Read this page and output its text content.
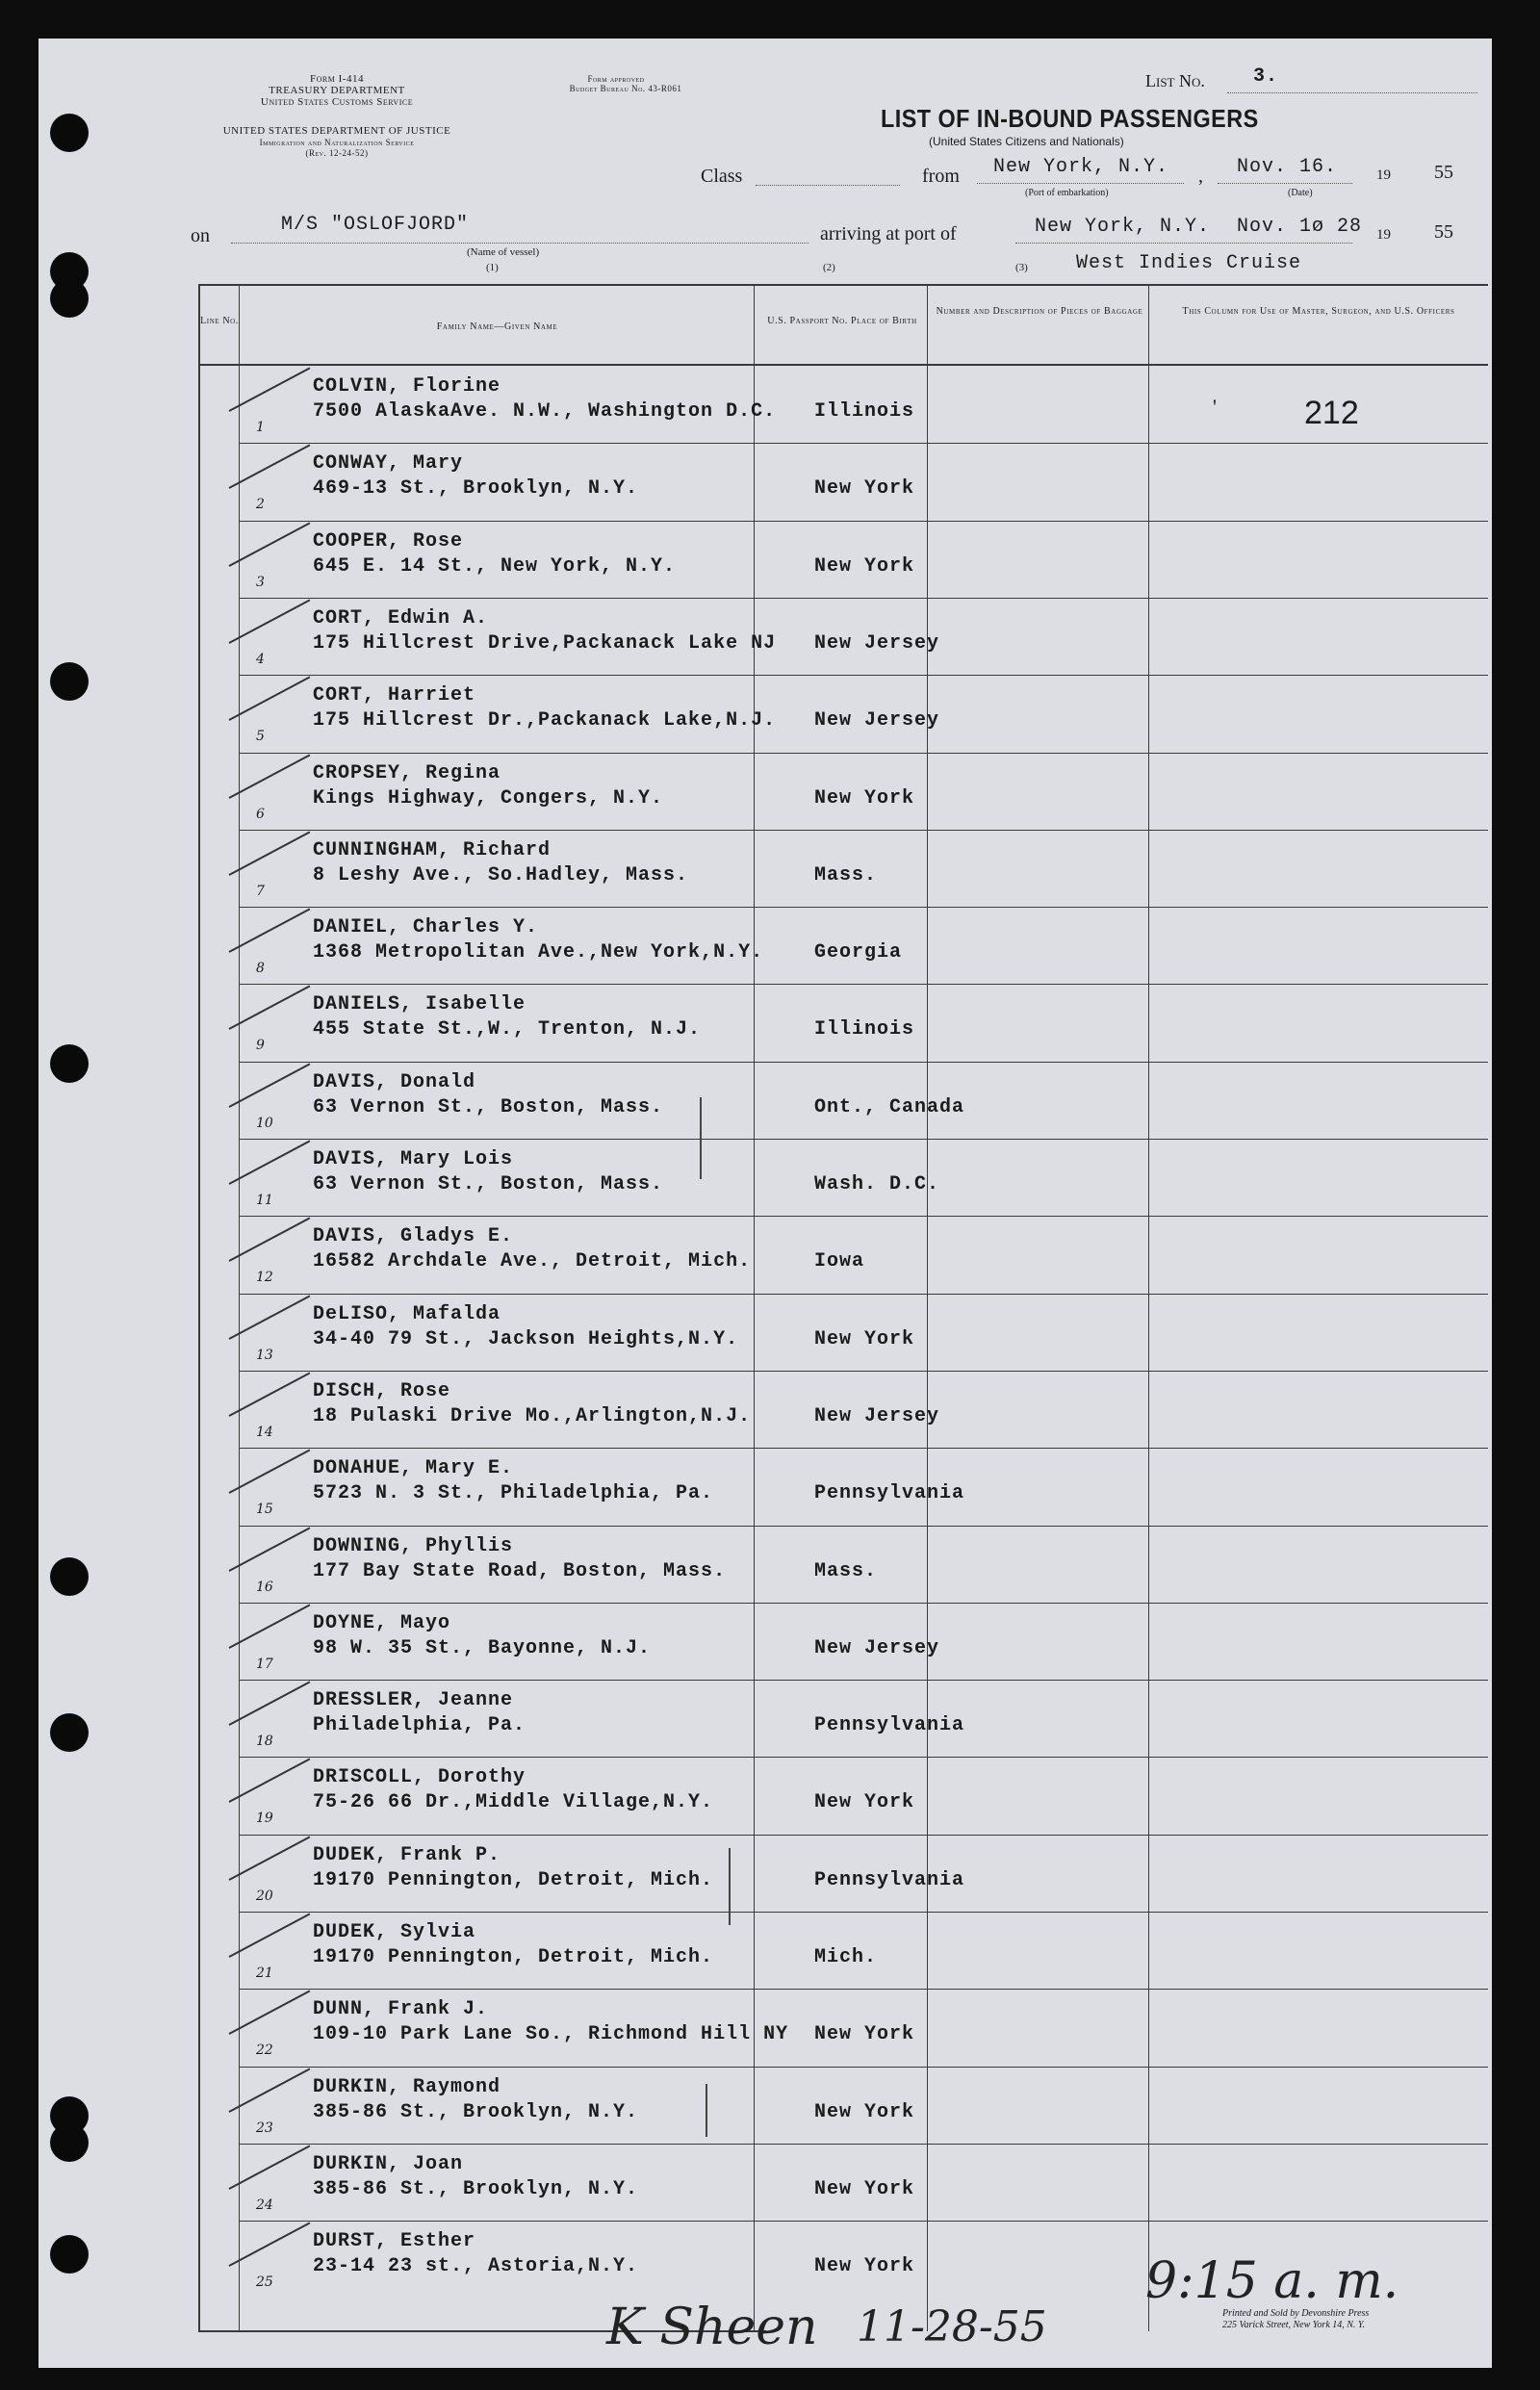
Form I-414
TREASURY DEPARTMENT
United States Customs Service
Form approved
Budget Bureau No. 43-R061
UNITED STATES DEPARTMENT OF JUSTICE
Immigration and Naturalization Service
(Rev. 12-24-52)
List No.	3.
LIST OF IN-BOUND PASSENGERS
(United States Citizens and Nationals)
Class	from New York, N.Y. , Nov. 16.	19 55
(Port of embarkation)	(Date)
on	M/S "OSLOFJORD"
(Name of vessel)
(1)
arriving at port of	New York, N.Y. Nov. 1ø 28 19 55
(2)	(3)	West Indies Cruise
Line No.
Family Name—Given Name
U.S. Passport No. Place of Birth
Number and Description of Pieces of Baggage	This Column for Use of Master, Surgeon, and U.S. Officers
212
'
COLVIN, Florine
7500 AlaskaAve. N.W., Washington D.C. Illinois
1
CONWAY, Mary
469-13 St., Brooklyn, N.Y.	New York
2
COOPER, Rose
645 E. 14 St., New York, N.Y.	New York
3
CORT, Edwin A.
175 Hillcrest Drive,Packanack Lake NJ New Jersey
4
CORT, Harriet
175 Hillcrest Dr.,Packanack Lake,N.J. New Jersey
5
CROPSEY, Regina
Kings Highway, Congers, N.Y.	New York
6
CUNNINGHAM, Richard
8 Leshy Ave., So.Hadley, Mass.	Mass.
7
DANIEL, Charles Y.
1368 Metropolitan Ave.,New York,N.Y.	Georgia
8
DANIELS, Isabelle
455 State St.,W., Trenton, N.J.	Illinois
9
DAVIS, Donald
63 Vernon St., Boston, Mass.	Ont., Canada
10
DAVIS, Mary Lois
63 Vernon St., Boston, Mass.	Wash. D.C.
11
DAVIS, Gladys E.
16582 Archdale Ave., Detroit, Mich.	Iowa
12
DeLISO, Mafalda
34-40 79 St., Jackson Heights,N.Y.	New York
13
DISCH, Rose
18 Pulaski Drive Mo.,Arlington,N.J.	New Jersey
14
DONAHUE, Mary E.
5723 N. 3 St., Philadelphia, Pa.	Pennsylvania
15
DOWNING, Phyllis
177 Bay State Road, Boston, Mass.	Mass.
16
DOYNE, Mayo
98 W. 35 St., Bayonne, N.J.	New Jersey
17
DRESSLER, Jeanne
Philadelphia, Pa.	Pennsylvania
18
DRISCOLL, Dorothy
75-26 66 Dr.,Middle Village,N.Y.	New York
19
DUDEK, Frank P.
19170 Pennington, Detroit, Mich.	Pennsylvania
20
DUDEK, Sylvia
19170 Pennington, Detroit, Mich.	Mich.
21
DUNN, Frank J.
109-10 Park Lane So., Richmond Hill NY New York
22
DURKIN, Raymond
385-86 St., Brooklyn, N.Y.	New York
23
DURKIN, Joan
385-86 St., Brooklyn, N.Y.	New York
24
DURST, Esther
23-14 23 st., Astoria,N.Y.	New York
25
K Sheen 11-28-55
9:15 a. m.
Printed and Sold by Devonshire Press
225 Varick Street, New York 14, N. Y.
